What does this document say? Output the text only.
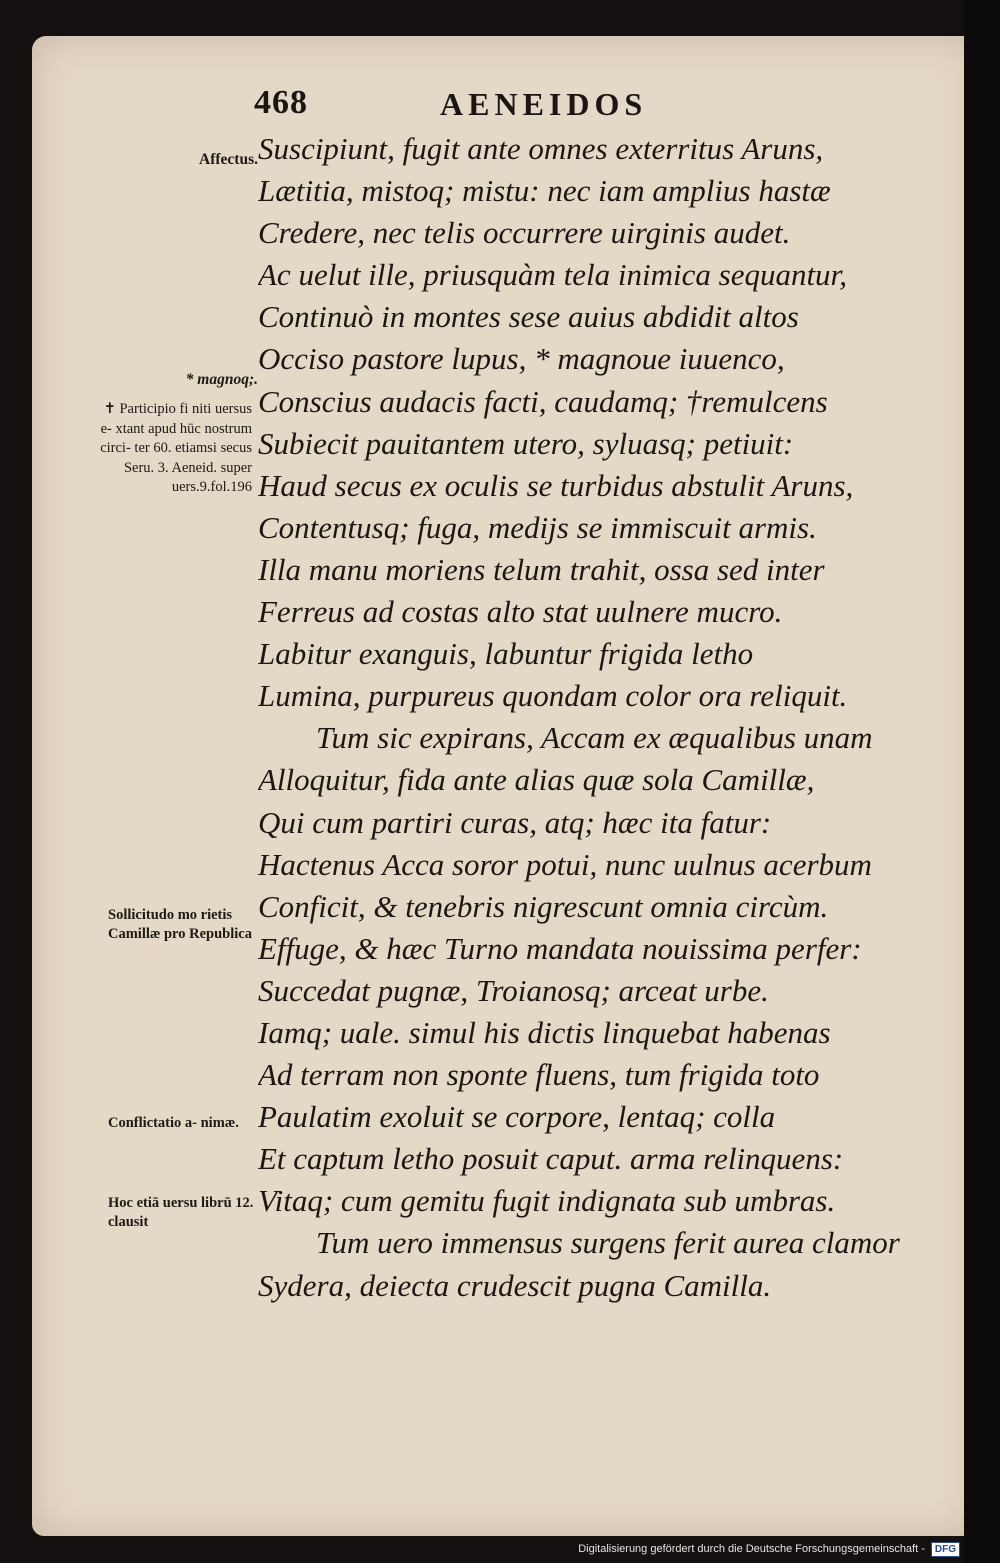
468	AENEIDOS
Affectus.
* magnoq;.
✝ Participio fi niti uersus e- xtant apud hūc nostrum circi- ter 60. etiamsi secus Seru. 3. Aeneid. super uers.9.fol.196
Sollicitudo mo rietis Camillæ pro Republica
Conflictatio a- nimæ.
Hoc etiā uersu librū 12. clausit
Suscipiunt, fugit ante omnes exterritus Aruns,
Lætitia, mistoq; mistu: nec iam amplius hastæ
Credere, nec telis occurrere uirginis audet.
Ac uelut ille, priusquàm tela inimica sequantur,
Continuò in montes sese auius abdidit altos
Occiso pastore lupus, * magnoue iuuenco,
Conscius audacis facti, caudamq; †remulcens
Subiecit pauitantem utero, syluasq; petiuit:
Haud secus ex oculis se turbidus abstulit Aruns,
Contentusq; fuga, medijs se immiscuit armis.
Illa manu moriens telum trahit, ossa sed inter
Ferreus ad costas alto stat uulnere mucro.
Labitur exanguis, labuntur frigida letho
Lumina, purpureus quondam color ora reliquit.
Tum sic expirans, Accam ex æqualibus unam
Alloquitur, fida ante alias quæ sola Camillæ,
Qui cum partiri curas, atq; hæc ita fatur:
Hactenus Acca soror potui, nunc uulnus acerbum
Conficit, & tenebris nigrescunt omnia circùm.
Effuge, & hæc Turno mandata nouissima perfer:
Succedat pugnæ, Troianosq; arceat urbe.
Iamq; uale. simul his dictis linquebat habenas
Ad terram non sponte fluens, tum frigida toto
Paulatim exoluit se corpore, lentaq; colla
Et captum letho posuit caput. arma relinquens:
Vitaq; cum gemitu fugit indignata sub umbras.
Tum uero immensus surgens ferit aurea clamor
Sydera, deiecta crudescit pugna Camilla.
Digitalisierung gefördert durch die Deutsche Forschungsgemeinschaft -	DFG
